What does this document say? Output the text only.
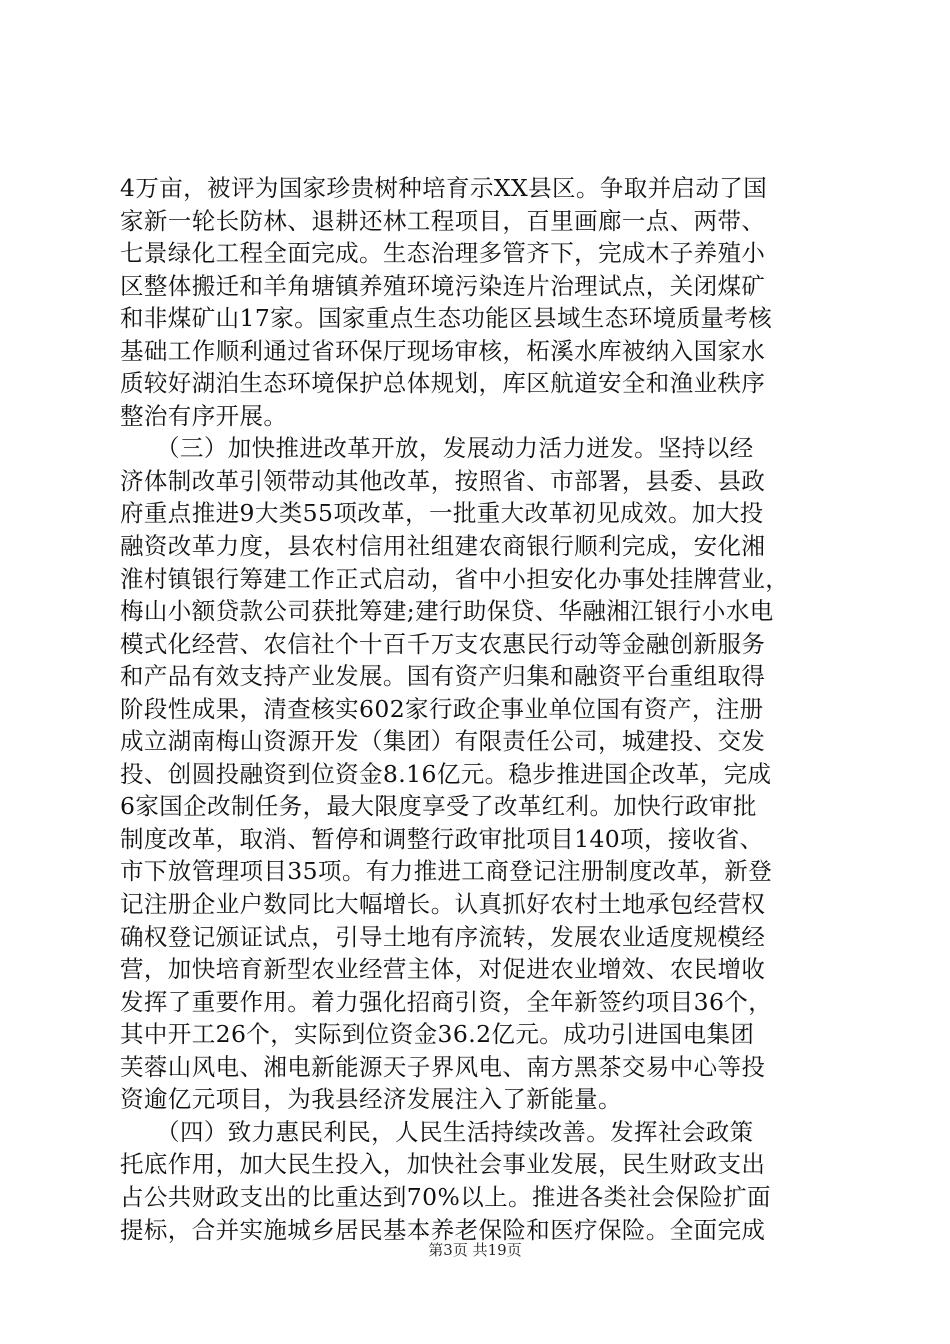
4万亩，被评为国家珍贵树种培育示XX县区。争取并启动了国
家新一轮长防林、退耕还林工程项目，百里画廊一点、两带、
七景绿化工程全面完成。生态治理多管齐下，完成木子养殖小
区整体搬迁和羊角塘镇养殖环境污染连片治理试点，关闭煤矿
和非煤矿山17家。国家重点生态功能区县域生态环境质量考核
基础工作顺利通过省环保厅现场审核，柘溪水库被纳入国家水
质较好湖泊生态环境保护总体规划，库区航道安全和渔业秩序
整治有序开展。
　　（三）加快推进改革开放，发展动力活力迸发。坚持以经
济体制改革引领带动其他改革，按照省、市部署，县委、县政
府重点推进9大类55项改革，一批重大改革初见成效。加大投
融资改革力度，县农村信用社组建农商银行顺利完成，安化湘
淮村镇银行筹建工作正式启动，省中小担安化办事处挂牌营业，
梅山小额贷款公司获批筹建;建行助保贷、华融湘江银行小水电
模式化经营、农信社个十百千万支农惠民行动等金融创新服务
和产品有效支持产业发展。国有资产归集和融资平台重组取得
阶段性成果，清查核实602家行政企事业单位国有资产，注册
成立湖南梅山资源开发（集团）有限责任公司，城建投、交发
投、创圆投融资到位资金8.16亿元。稳步推进国企改革，完成
6家国企改制任务，最大限度享受了改革红利。加快行政审批
制度改革，取消、暂停和调整行政审批项目140项，接收省、
市下放管理项目35项。有力推进工商登记注册制度改革，新登
记注册企业户数同比大幅增长。认真抓好农村土地承包经营权
确权登记颁证试点，引导土地有序流转，发展农业适度规模经
营，加快培育新型农业经营主体，对促进农业增效、农民增收
发挥了重要作用。着力强化招商引资，全年新签约项目36个，
其中开工26个，实际到位资金36.2亿元。成功引进国电集团
芙蓉山风电、湘电新能源天子界风电、南方黑茶交易中心等投
资逾亿元项目，为我县经济发展注入了新能量。
　　（四）致力惠民利民，人民生活持续改善。发挥社会政策
托底作用，加大民生投入，加快社会事业发展，民生财政支出
占公共财政支出的比重达到70%以上。推进各类社会保险扩面
提标，合并实施城乡居民基本养老保险和医疗保险。全面完成
第3页 共19页
